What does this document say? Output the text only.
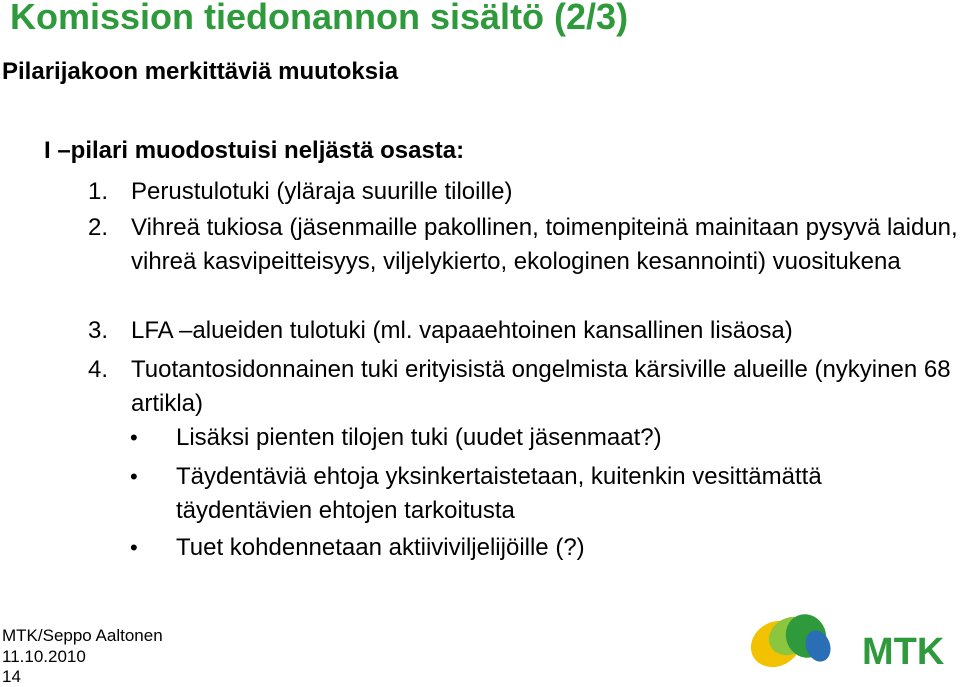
Komission tiedonannon sisältö (2/3)
Pilarijakoon merkittäviä muutoksia
I –pilari muodostuisi neljästä osasta:
1. Perustulotuki (yläraja suurille tiloille)
2. Vihreä tukiosa (jäsenmaille pakollinen, toimenpiteinä mainitaan pysyvä laidun, vihreä kasvipeitteisyys, viljelykierto, ekologinen kesannointi) vuositukena
3. LFA –alueiden tulotuki (ml. vapaaehtoinen kansallinen lisäosa)
4. Tuotantosidonnainen tuki erityisistä ongelmista kärsiville alueille (nykyinen 68 artikla)
• Lisäksi pienten tilojen tuki (uudet jäsenmaat?)
• Täydentäviä ehtoja yksinkertaistetaan, kuitenkin vesittämättä täydentävien ehtojen tarkoitusta
• Tuet kohdennetaan aktiiviviljelijöille (?)
MTK/Seppo Aaltonen
11.10.2010
14
MTK
